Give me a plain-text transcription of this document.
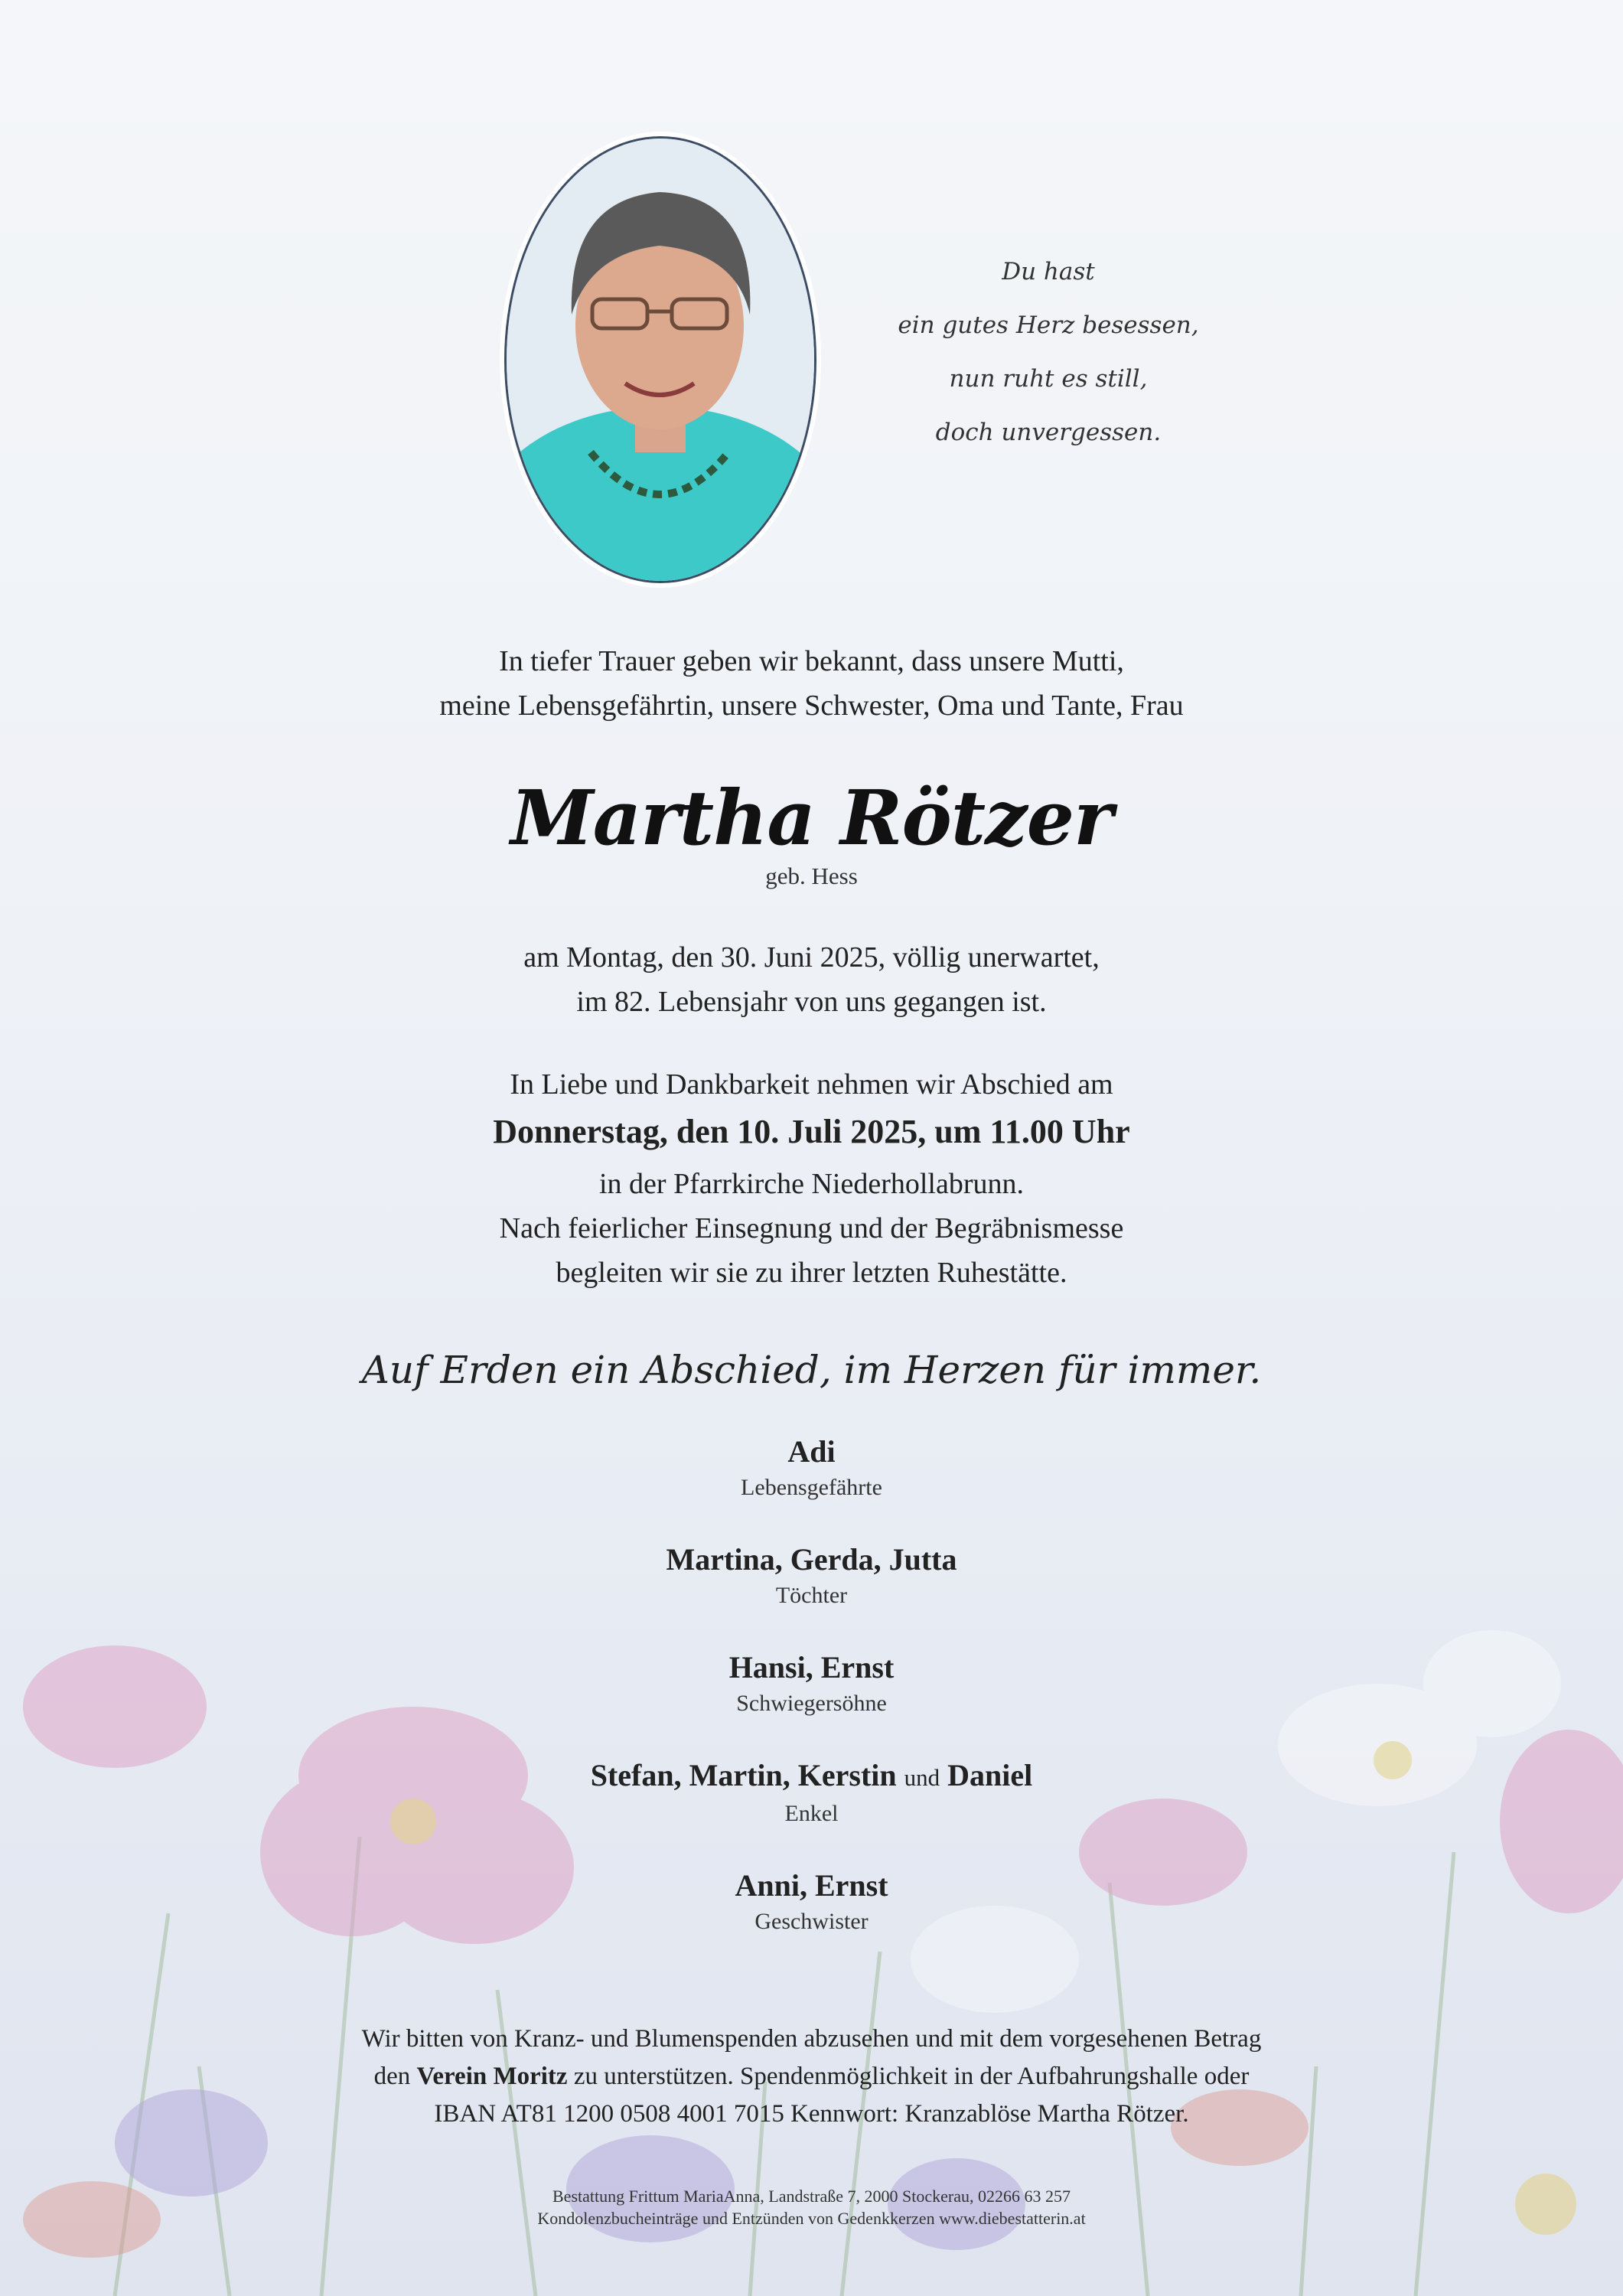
Du hast
ein gutes Herz besessen,
nun ruht es still,
doch unvergessen.
In tiefer Trauer geben wir bekannt, dass unsere Mutti,
meine Lebensgefährtin, unsere Schwester, Oma und Tante, Frau
Martha Rötzer
geb. Hess
am Montag, den 30. Juni 2025, völlig unerwartet,
im 82. Lebensjahr von uns gegangen ist.
In Liebe und Dankbarkeit nehmen wir Abschied am
Donnerstag, den 10. Juli 2025, um 11.00 Uhr
in der Pfarrkirche Niederhollabrunn.
Nach feierlicher Einsegnung und der Begräbnismesse
begleiten wir sie zu ihrer letzten Ruhestätte.
Auf Erden ein Abschied, im Herzen für immer.
Adi
Lebensgefährte
Martina, Gerda, Jutta
Töchter
Hansi, Ernst
Schwiegersöhne
Stefan, Martin, Kerstin und Daniel
Enkel
Anni, Ernst
Geschwister
Wir bitten von Kranz- und Blumenspenden abzusehen und mit dem vorgesehenen Betrag
den Verein Moritz zu unterstützen. Spendenmöglichkeit in der Aufbahrungshalle oder
IBAN AT81 1200 0508 4001 7015 Kennwort: Kranzablöse Martha Rötzer.
Bestattung Frittum MariaAnna, Landstraße 7, 2000 Stockerau, 02266 63 257
Kondolenzbucheinträge und Entzünden von Gedenkkerzen www.diebestatterin.at
